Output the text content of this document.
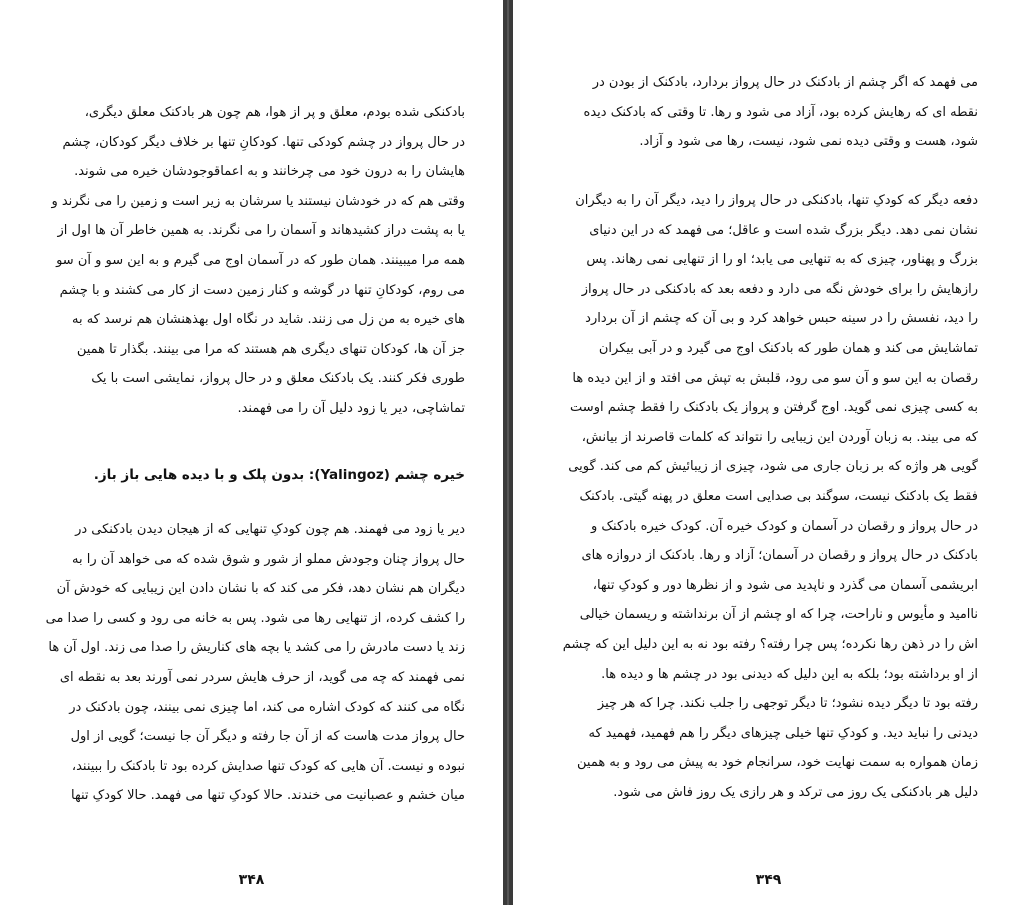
بادکنکی شده بودم، معلق و پر از هوا، هم چون هر بادکنک معلق دیگری،

در حال پرواز در چشم کودکی تنها. کودکانِ تنها بر خلاف دیگر کودکان، چشم

هایشان را به درون خود می چرخانند و به اعماقوجودشان خیره می شوند.

وقتی هم که در خودشان نیستند یا سرشان به زیر است و زمین را می نگرند و

یا به پشت دراز کشیدهاند و آسمان را می نگرند. به همین خاطر آن ها اول از

همه مرا میبینند. همان طور که در آسمان اوج می گیرم و به این سو و آن سو

می روم، کودکانِ تنها در گوشه و کنار زمین دست از کار می کشند و با چشم

های خیره به من زل می زنند. شاید در نگاه اول بهذهنشان هم نرسد که به

جز آن ها، کودکان تنهای دیگری هم هستند که مرا می بینند. بگذار تا همین

طوری فکر کنند. یک بادکنک معلق و در حال پرواز، نمایشی است با یک

تماشاچی، دیر یا زود دلیل آن را می فهمند.

خیره چشم (Yalingoz): بدون پلک و با دیده هایی باز باز.

دیر یا زود می فهمند. هم چون کودکِ تنهایی که از هیجان دیدن بادکنکی در

حال پرواز چنان وجودش مملو از شور و شوق شده که می خواهد آن را به

دیگران هم نشان دهد، فکر می کند که با نشان دادن این زیبایی که خودش آن

را کشف کرده، از تنهایی رها می شود. پس به خانه می رود و کسی را صدا می

زند یا دست مادرش را می کشد یا بچه های کناریش را صدا می زند. اول آن ها

نمی فهمند که چه می گوید، از حرف هایش سردر نمی آورند بعد به نقطه ای

نگاه می کنند که کودک اشاره می کند، اما چیزی نمی بینند، چون بادکنک در

حال پرواز مدت هاست که از آن جا رفته و دیگر آن جا نیست؛ گویی از اول

نبوده و نیست. آن هایی که کودک تنها صدایش کرده بود تا بادکنک را ببینند،

میان خشم و عصبانیت می خندند. حالا کودکِ تنها می فهمد. حالا کودکِ تنها

۳۴۸

می فهمد که اگر چشم از بادکنک در حال پرواز بردارد، بادکنک از بودن در

نقطه ای که رهایش کرده بود، آزاد می شود و رها. تا وقتی که بادکنک دیده

شود، هست و وقتی دیده نمی شود، نیست، رها می شود و آزاد.

دفعه دیگر که کودکِ تنها، بادکنکی در حال پرواز را دید، دیگر آن را به دیگران

نشان نمی دهد. دیگر بزرگ شده است و عاقل؛ می فهمد که در این دنیای

بزرگ و پهناور، چیزی که به تنهایی می یابد؛ او را از تنهایی نمی رهاند. پس

رازهایش را برای خودش نگه می دارد و دفعه بعد که بادکنکی در حال پرواز

را دید، نفسش را در سینه حبس خواهد کرد و بی آن که چشم از آن بردارد

تماشایش می کند و همان طور که بادکنک اوج می گیرد و در آبی بیکران

رقصان به این سو و آن سو می رود، قلبش به تپش می افتد و از این دیده ها

به کسی چیزی نمی گوید. اوج گرفتن و پرواز یک بادکنک را فقط چشم اوست

که می بیند. به زبان آوردن این زیبایی را نتواند که کلمات قاصرند از بیانش،

گویی هر واژه که بر زبان جاری می شود، چیزی از زیبائیش کم می کند. گویی

فقط یک بادکنک نیست، سوگند بی صدایی است معلق در پهنه گیتی. بادکنک

در حال پرواز و رقصان در آسمان و کودک خیره آن. کودک خیره بادکنک و

بادکنک در حال پرواز و رقصان در آسمان؛ آزاد و رها. بادکنک از دروازه های

ابریشمی آسمان می گذرد و ناپدید می شود و از نظرها دور و کودکِ تنها،

ناامید و مأیوس و ناراحت، چرا که او چشم از آن برنداشته و ریسمان خیالی

اش را در ذهن رها نکرده؛ پس چرا رفته؟ رفته بود نه به این دلیل این که چشم

از او برداشته بود؛ بلکه به این دلیل که دیدنی بود در چشم ها و دیده ها.

رفته بود تا دیگر دیده نشود؛ تا دیگر توجهی را جلب نکند. چرا که هر چیز

دیدنی را نباید دید. و کودکِ تنها خیلی چیزهای دیگر را هم فهمید، فهمید که

زمان همواره به سمت نهایت خود، سرانجام خود به پیش می رود و به همین

دلیل هر بادکنکی یک روز می ترکد و هر رازی یک روز فاش می شود.

۳۴۹
